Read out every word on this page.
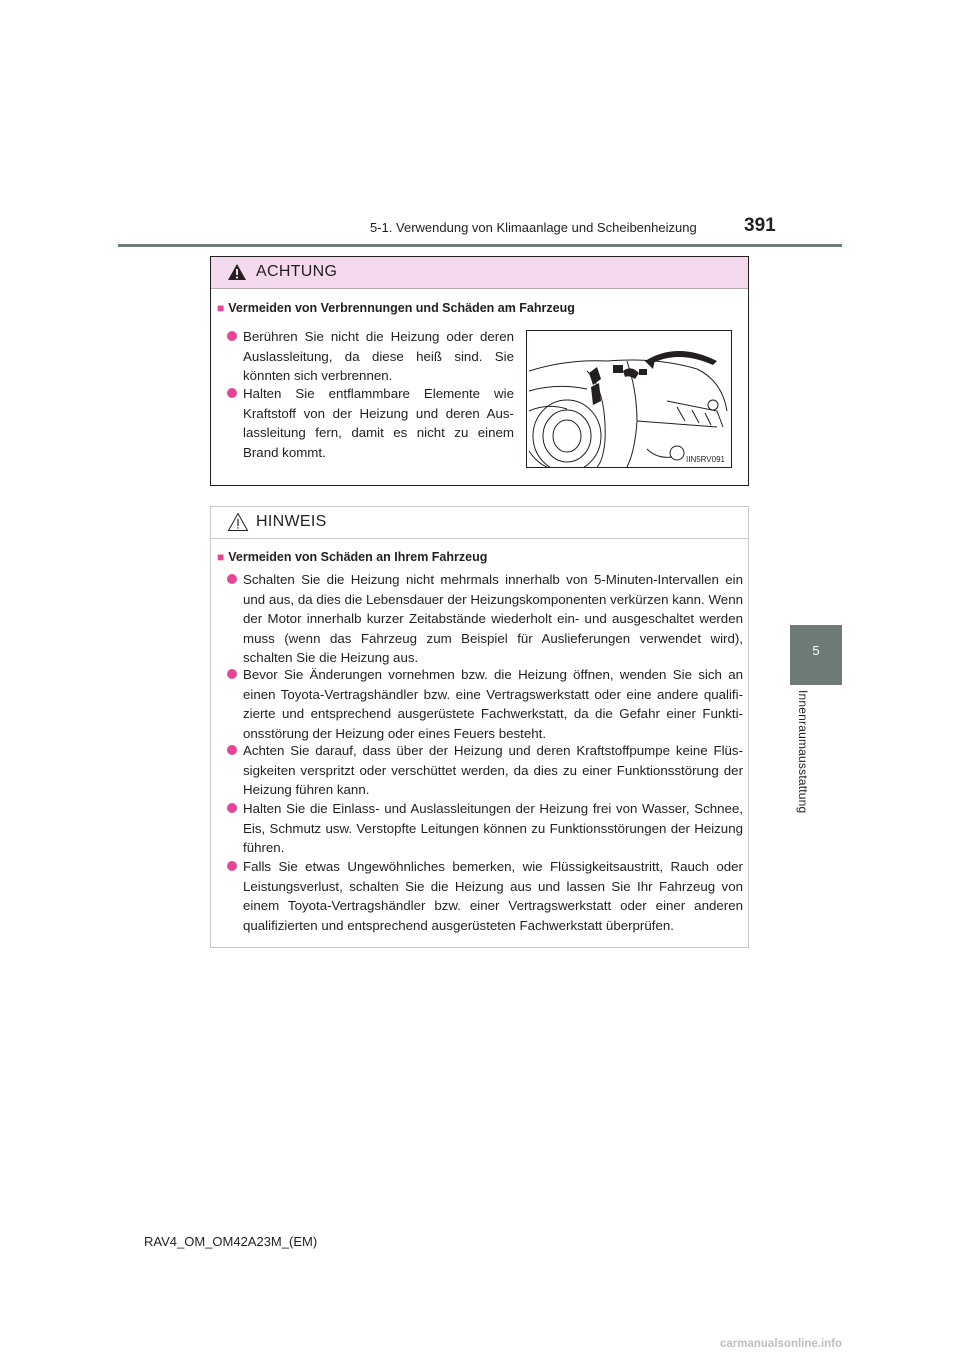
5-1. Verwendung von Klimaanlage und Scheibenheizung 391
5
Innenraumausstattung
ACHTUNG
■ Vermeiden von Verbrennungen und Schäden am Fahrzeug
Berühren Sie nicht die Heizung oder deren Auslassleitung, da diese heiß sind. Sie könnten sich verbrennen.
Halten Sie entflammbare Elemente wie Kraftstoff von der Heizung und deren Aus-lassleitung fern, damit es nicht zu einem Brand kommt.	IIN5RV091
HINWEIS
■ Vermeiden von Schäden an Ihrem Fahrzeug
Schalten Sie die Heizung nicht mehrmals innerhalb von 5-Minuten-Intervallen ein und aus, da dies die Lebensdauer der Heizungskomponenten verkürzen kann. Wenn der Motor innerhalb kurzer Zeitabstände wiederholt ein- und ausgeschaltet werden muss (wenn das Fahrzeug zum Beispiel für Auslieferungen verwendet wird), schalten Sie die Heizung aus.
Bevor Sie Änderungen vornehmen bzw. die Heizung öffnen, wenden Sie sich an einen Toyota-Vertragshändler bzw. eine Vertragswerkstatt oder eine andere qualifi-zierte und entsprechend ausgerüstete Fachwerkstatt, da die Gefahr einer Funkti-onsstörung der Heizung oder eines Feuers besteht.
Achten Sie darauf, dass über der Heizung und deren Kraftstoffpumpe keine Flüs-sigkeiten verspritzt oder verschüttet werden, da dies zu einer Funktionsstörung der Heizung führen kann.
Halten Sie die Einlass- und Auslassleitungen der Heizung frei von Wasser, Schnee, Eis, Schmutz usw. Verstopfte Leitungen können zu Funktionsstörungen der Heizung führen.
Falls Sie etwas Ungewöhnliches bemerken, wie Flüssigkeitsaustritt, Rauch oder Leistungsverlust, schalten Sie die Heizung aus und lassen Sie Ihr Fahrzeug von einem Toyota-Vertragshändler bzw. einer Vertragswerkstatt oder einer anderen qualifizierten und entsprechend ausgerüsteten Fachwerkstatt überprüfen.
RAV4_OM_OM42A23M_(EM)
carmanualsonline.info
